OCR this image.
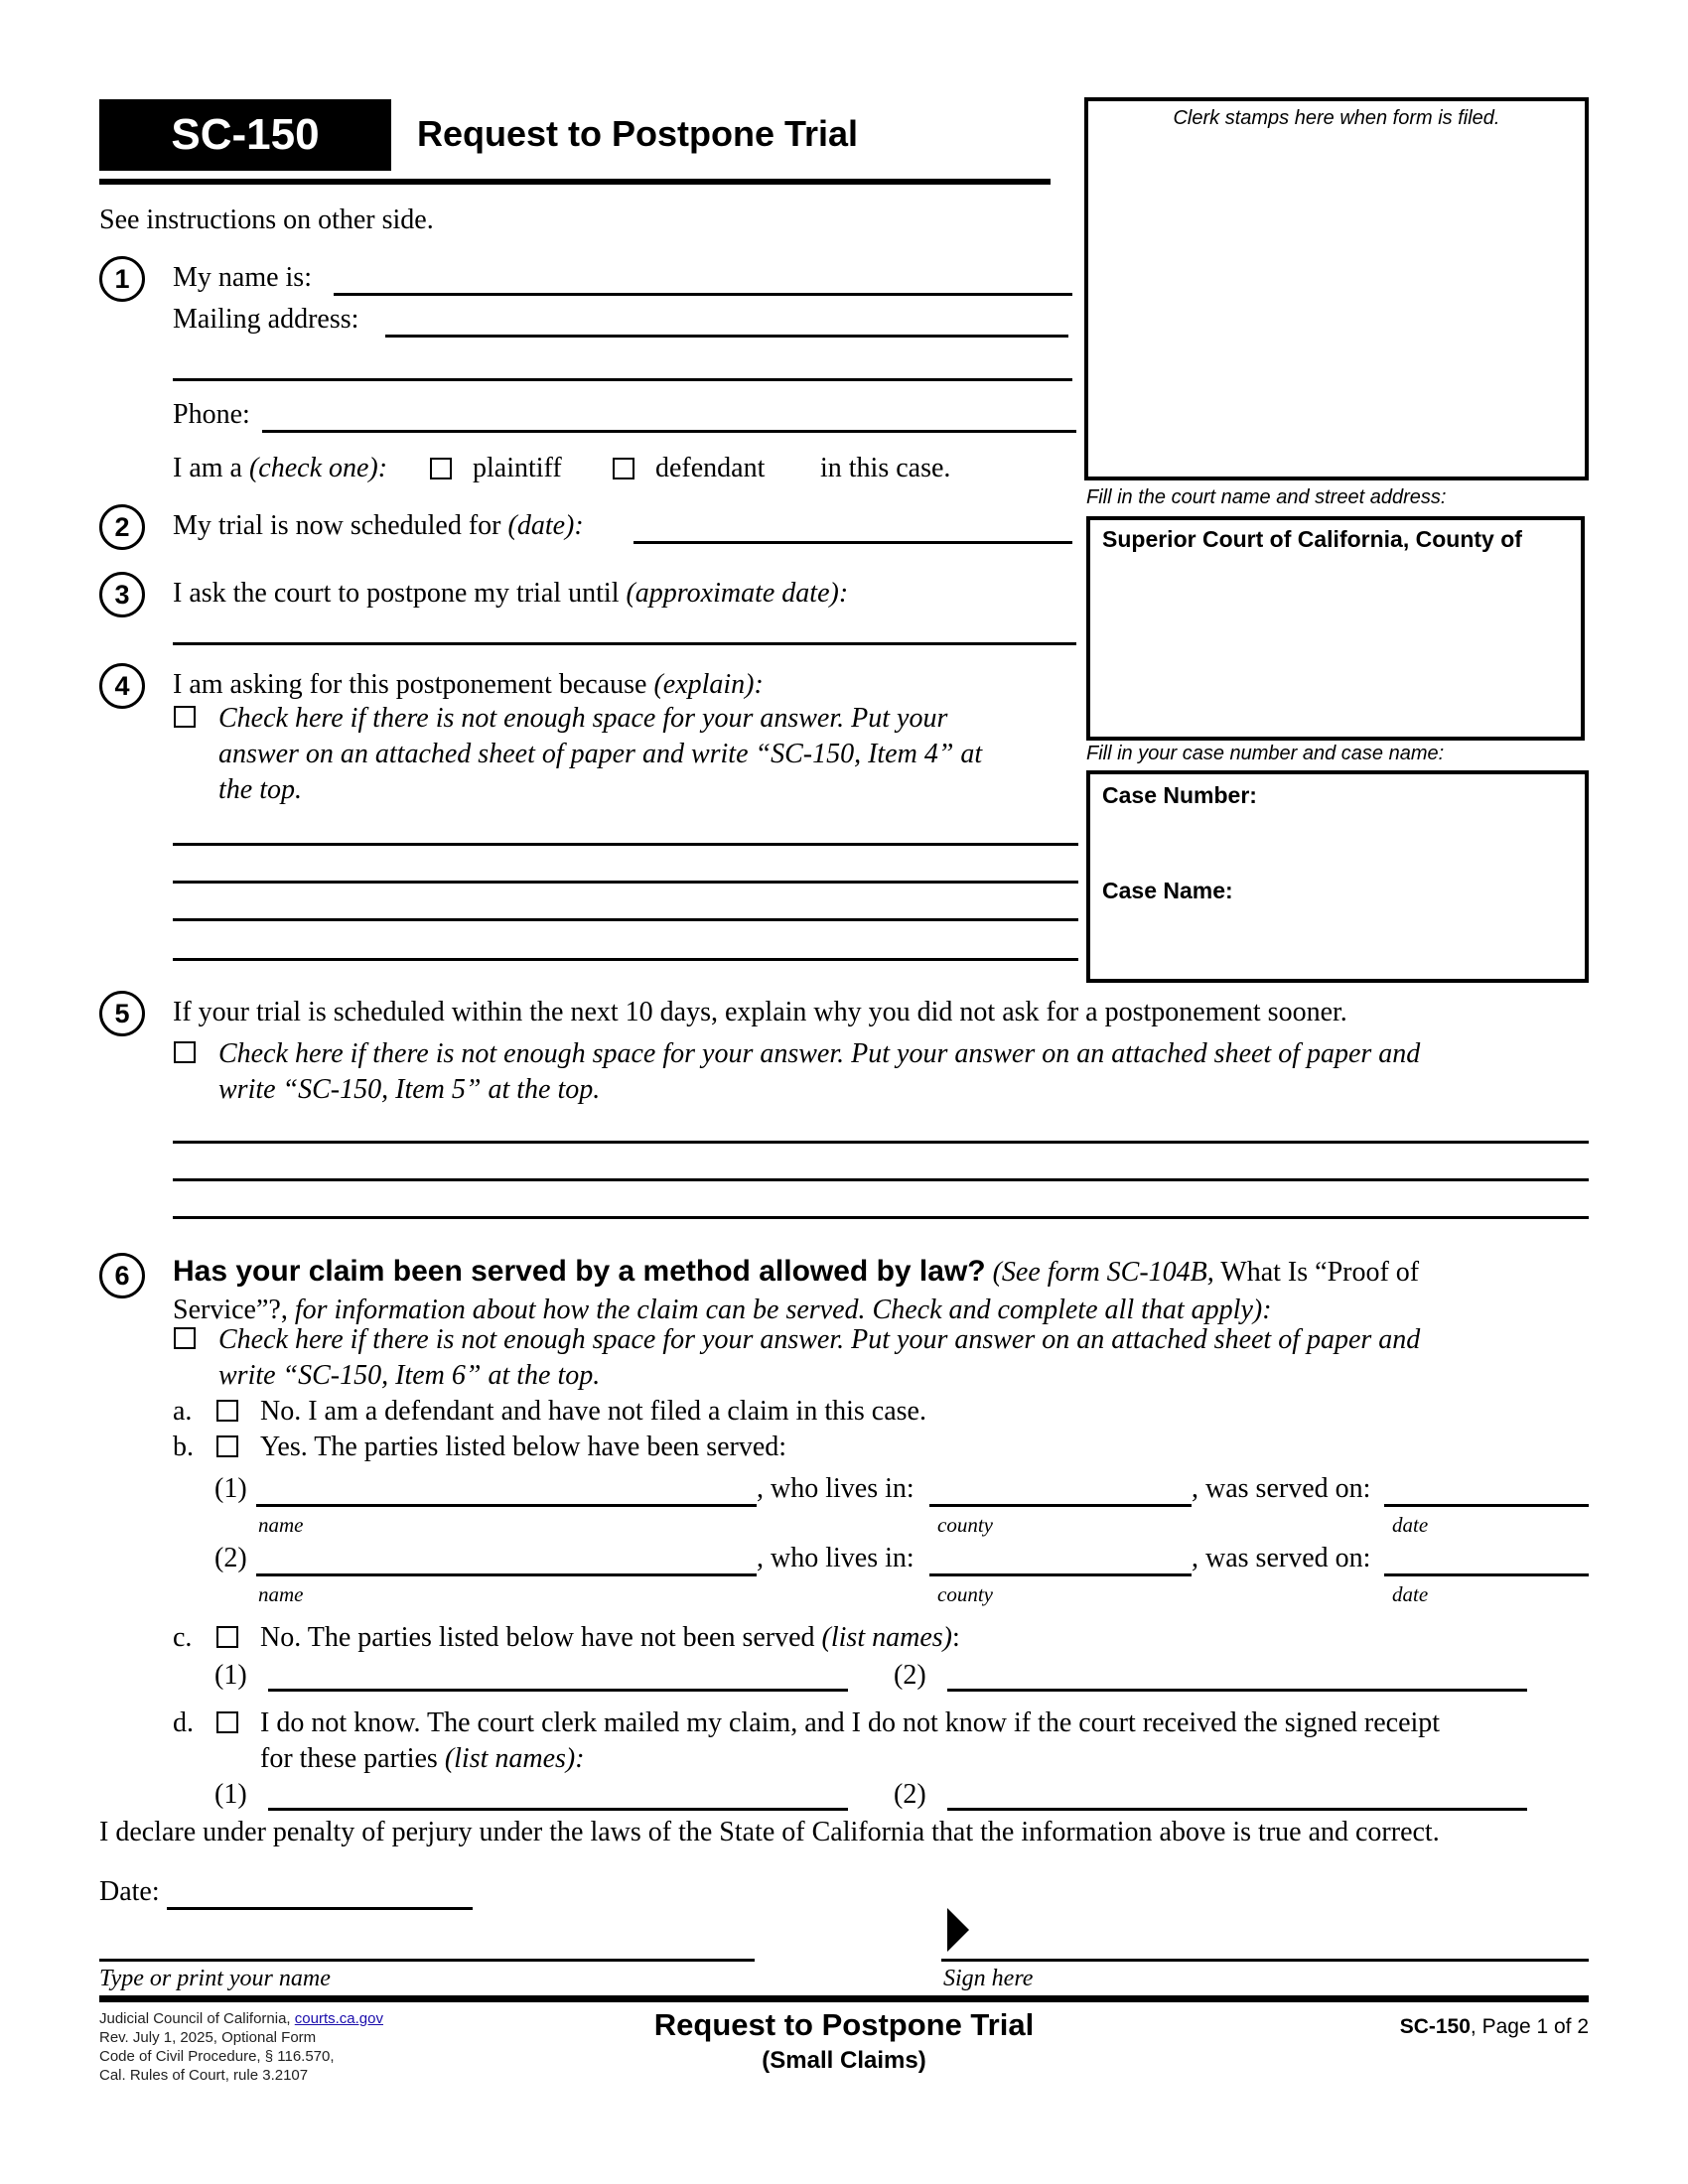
SC-150	Request to Postpone Trial
See instructions on other side.
Clerk stamps here when form is filed.
Fill in the court name and street address:
Superior Court of California, County of
Fill in your case number and case name:
Case Number:
Case Name:
1	My name is:
Mailing address:
Phone:
I am a (check one):	plaintiff	defendant in this case.
2	My trial is now scheduled for (date):
3	I ask the court to postpone my trial until (approximate date):
4	I am asking for this postponement because (explain):
Check here if there is not enough space for your answer. Put your
answer on an attached sheet of paper and write “SC-150, Item 4” at
the top.
5	If your trial is scheduled within the next 10 days, explain why you did not ask for a postponement sooner.
Check here if there is not enough space for your answer. Put your answer on an attached sheet of paper and
write “SC-150, Item 5” at the top.
6	Has your claim been served by a method allowed by law? (See form SC-104B, What Is “Proof of
Service”?, for information about how the claim can be served. Check and complete all that apply):
Check here if there is not enough space for your answer. Put your answer on an attached sheet of paper and
write “SC-150, Item 6” at the top.
a. No. I am a defendant and have not filed a claim in this case.
b. Yes. The parties listed below have been served:
(1)	, who lives in:	, was served on:
name	county	date
(2)	, who lives in:	, was served on:
name	county	date
c. No. The parties listed below have not been served (list names):
(1)	(2)
d. I do not know. The court clerk mailed my claim, and I do not know if the court received the signed receipt
for these parties (list names):
(1)	(2)
I declare under penalty of perjury under the laws of the State of California that the information above is true and correct.
Date:
Type or print your name	Sign here
Judicial Council of California, courts.ca.gov
Rev. July 1, 2025, Optional Form
Code of Civil Procedure, § 116.570,
Cal. Rules of Court, rule 3.2107
Request to Postpone Trial
(Small Claims)
SC-150, Page 1 of 2
